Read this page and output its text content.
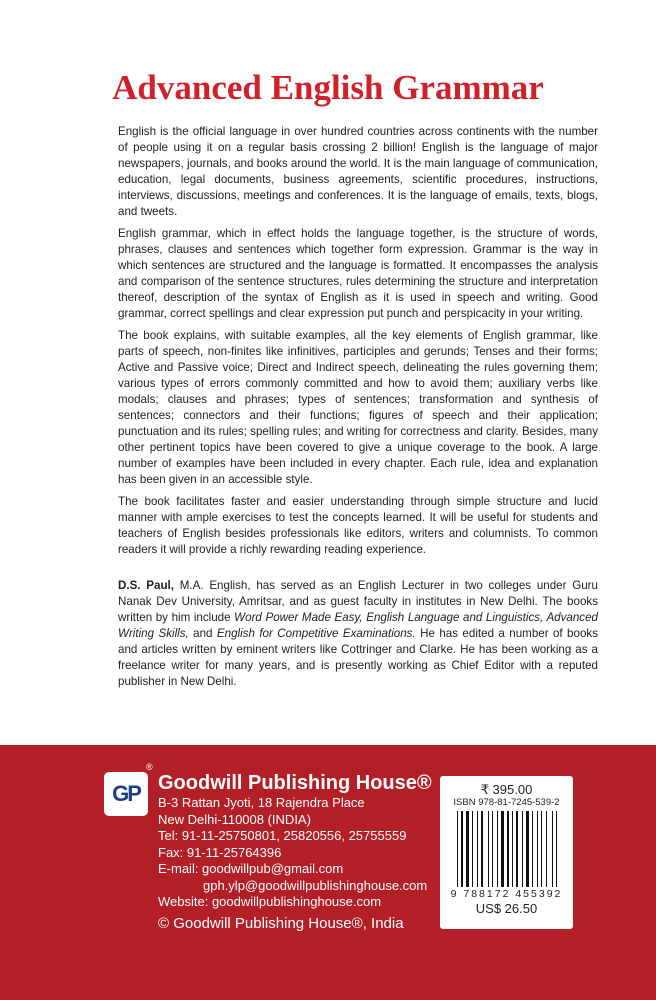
Advanced English Grammar

English is the official language in over hundred countries across continents with the number of people using it on a regular basis crossing 2 billion! English is the language of major newspapers, journals, and books around the world. It is the main language of communication, education, legal documents, business agreements, scientific procedures, instructions, interviews, discussions, meetings and conferences. It is the language of emails, texts, blogs, and tweets.

English grammar, which in effect holds the language together, is the structure of words, phrases, clauses and sentences which together form expression. Grammar is the way in which sentences are structured and the language is formatted. It encompasses the analysis and comparison of the sentence structures, rules determining the structure and interpretation thereof, description of the syntax of English as it is used in speech and writing. Good grammar, correct spellings and clear expression put punch and perspicacity in your writing.

The book explains, with suitable examples, all the key elements of English grammar, like parts of speech, non-finites like infinitives, participles and gerunds; Tenses and their forms; Active and Passive voice; Direct and Indirect speech, delineating the rules governing them; various types of errors commonly committed and how to avoid them; auxiliary verbs like modals; clauses and phrases; types of sentences; transformation and synthesis of sentences; connectors and their functions; figures of speech and their application; punctuation and its rules; spelling rules; and writing for correctness and clarity. Besides, many other pertinent topics have been covered to give a unique coverage to the book. A large number of examples have been included in every chapter. Each rule, idea and explanation has been given in an accessible style.

The book facilitates faster and easier understanding through simple structure and lucid manner with ample exercises to test the concepts learned. It will be useful for students and teachers of English besides professionals like editors, writers and columnists. To common readers it will provide a richly rewarding reading experience.

D.S. Paul, M.A. English, has served as an English Lecturer in two colleges under Guru Nanak Dev University, Amritsar, and as guest faculty in institutes in New Delhi. The books written by him include Word Power Made Easy, English Language and Linguistics, Advanced Writing Skills, and English for Competitive Examinations. He has edited a number of books and articles written by eminent writers like Cottringer and Clarke. He has been working as a freelance writer for many years, and is presently working as Chief Editor with a reputed publisher in New Delhi.

GP
®
Goodwill Publishing House®
B-3 Rattan Jyoti, 18 Rajendra Place
New Delhi-110008 (INDIA)
Tel: 91-11-25750801, 25820556, 25755559
Fax: 91-11-25764396
E-mail: goodwillpub@gmail.com
gph.ylp@goodwillpublishinghouse.com
Website: goodwillpublishinghouse.com
© Goodwill Publishing House®, India
₹ 395.00
ISBN 978-81-7245-539-2
9 788172 455392
US$ 26.50
